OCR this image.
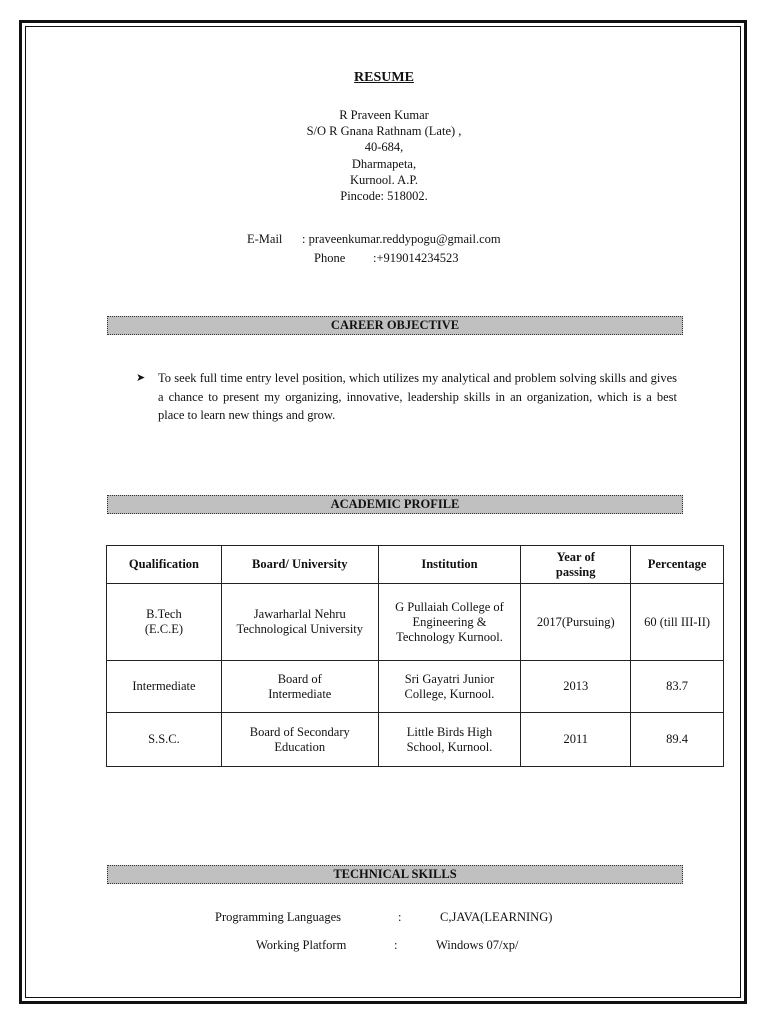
RESUME
R Praveen Kumar
S/O R Gnana Rathnam (Late) ,
40-684,
Dharmapeta,
Kurnool. A.P.
Pincode: 518002.
E-Mail : praveenkumar.reddypogu@gmail.com
Phone :+919014234523
CAREER OBJECTIVE
➤ To seek full time entry level position, which utilizes my analytical and problem solving skills and gives a chance to present my organizing, innovative, leadership skills in an organization, which is a best place to learn new things and grow.
ACADEMIC PROFILE
Qualification	Board/ University	Institution	Year of passing	Percentage
B.Tech (E.C.E)	Jawarharlal Nehru Technological University	G Pullaiah College of Engineering & Technology Kurnool.	2017(Pursuing)	60 (till III-II)
Intermediate	Board of Intermediate	Sri Gayatri Junior College, Kurnool.	2013	83.7
S.S.C.	Board of Secondary Education	Little Birds High School, Kurnool.	2011	89.4
TECHNICAL SKILLS
Programming Languages	:	C,JAVA(LEARNING)
Working Platform	:	Windows 07/xp/
